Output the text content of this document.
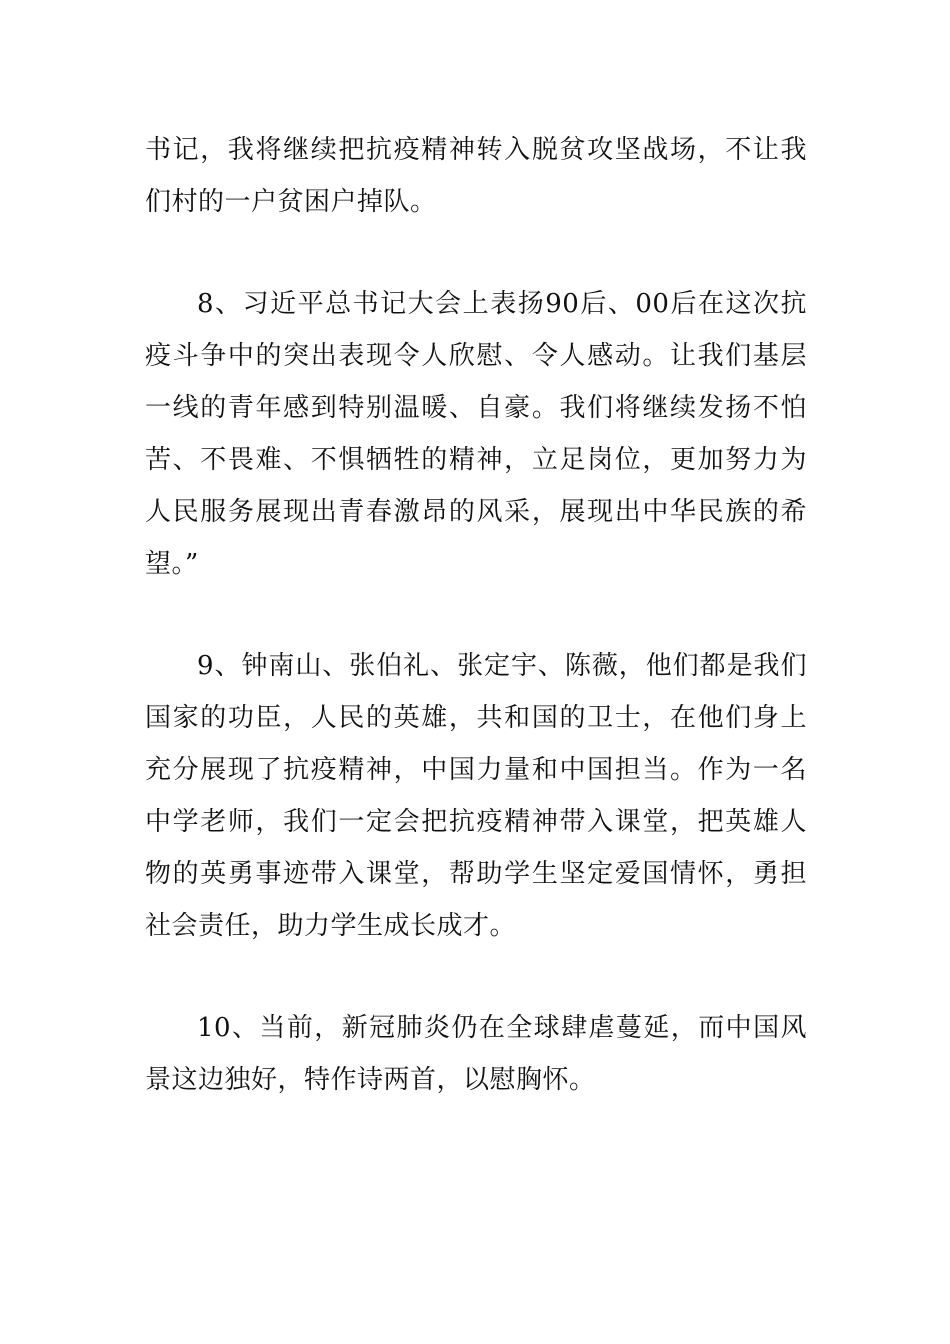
书记，我将继续把抗疫精神转入脱贫攻坚战场，不让我们村的一户贫困户掉队。

8、习近平总书记大会上表扬90后、00后在这次抗疫斗争中的突出表现令人欣慰、令人感动。让我们基层一线的青年感到特别温暖、自豪。我们将继续发扬不怕苦、不畏难、不惧牺牲的精神，立足岗位，更加努力为人民服务展现出青春激昂的风采，展现出中华民族的希望。”

9、钟南山、张伯礼、张定宇、陈薇，他们都是我们国家的功臣，人民的英雄，共和国的卫士，在他们身上充分展现了抗疫精神，中国力量和中国担当。作为一名中学老师，我们一定会把抗疫精神带入课堂，把英雄人物的英勇事迹带入课堂，帮助学生坚定爱国情怀，勇担社会责任，助力学生成长成才。

10、当前，新冠肺炎仍在全球肆虐蔓延，而中国风景这边独好，特作诗两首，以慰胸怀。
